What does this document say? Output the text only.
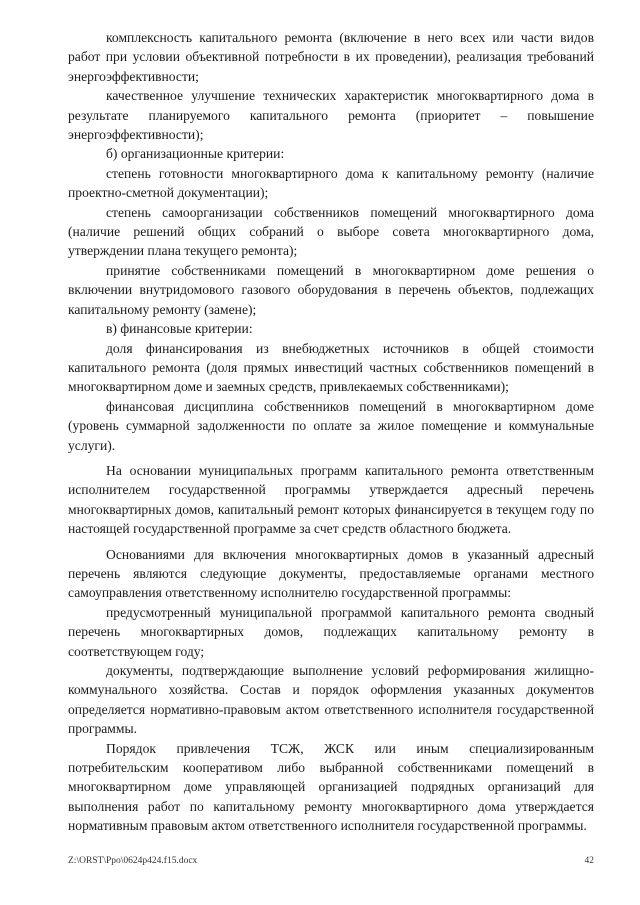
комплексность капитального ремонта (включение в него всех или части видов работ при условии объективной потребности в их проведении), реализация требований энергоэффективности;

качественное улучшение технических характеристик многоквартирного дома в результате планируемого капитального ремонта (приоритет – повышение энергоэффективности);

б) организационные критерии:

степень готовности многоквартирного дома к капитальному ремонту (наличие проектно-сметной документации);

степень самоорганизации собственников помещений многоквартирного дома (наличие решений общих собраний о выборе совета многоквартирного дома, утверждении плана текущего ремонта);

принятие собственниками помещений в многоквартирном доме решения о включении внутридомового газового оборудования в перечень объектов, подлежащих капитальному ремонту (замене);

в) финансовые критерии:

доля финансирования из внебюджетных источников в общей стоимости капитального ремонта (доля прямых инвестиций частных собственников помещений в многоквартирном доме и заемных средств, привлекаемых собственниками);

финансовая дисциплина собственников помещений в многоквартирном доме (уровень суммарной задолженности по оплате за жилое помещение и коммунальные услуги).

На основании муниципальных программ капитального ремонта ответственным исполнителем государственной программы утверждается адресный перечень многоквартирных домов, капитальный ремонт которых финансируется в текущем году по настоящей государственной программе за счет средств областного бюджета.

Основаниями для включения многоквартирных домов в указанный адресный перечень являются следующие документы, предоставляемые органами местного самоуправления ответственному исполнителю государственной программы:

предусмотренный муниципальной программой капитального ремонта сводный перечень многоквартирных домов, подлежащих капитальному ремонту в соответствующем году;

документы, подтверждающие выполнение условий реформирования жилищно-коммунального хозяйства. Состав и порядок оформления указанных документов определяется нормативно-правовым актом ответственного исполнителя государственной программы.

Порядок привлечения ТСЖ, ЖСК или иным специализированным потребительским кооперативом либо выбранной собственниками помещений в многоквартирном доме управляющей организацией подрядных организаций для выполнения работ по капитальному ремонту многоквартирного дома утверждается нормативным правовым актом ответственного исполнителя государственной программы.

Z:\ORST\Ppo\0624p424.f15.docx	42
